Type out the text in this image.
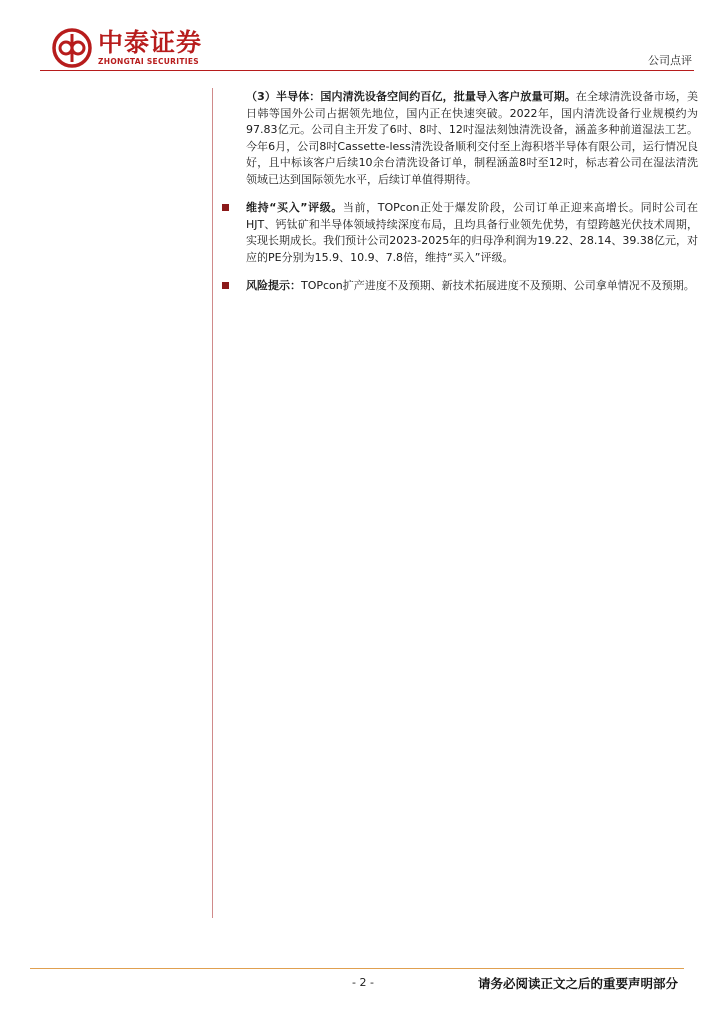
中泰证券
ZHONGTAI SECURITIES	公司点评

（3）半导体：国内清洗设备空间约百亿，批量导入客户放量可期。在全球清洗设备市场，美日韩等国外公司占据领先地位，国内正在快速突破。2022年，国内清洗设备行业规模约为97.83亿元。公司自主开发了6吋、8吋、12吋湿法刻蚀清洗设备，涵盖多种前道湿法工艺。今年6月，公司8吋Cassette-less清洗设备顺利交付至上海积塔半导体有限公司，运行情况良好，且中标该客户后续10余台清洗设备订单，制程涵盖8吋至12吋，标志着公司在湿法清洗领域已达到国际领先水平，后续订单值得期待。

维持“买入”评级。当前，TOPcon正处于爆发阶段，公司订单正迎来高增长。同时公司在HJT、钙钛矿和半导体领域持续深度布局，且均具备行业领先优势，有望跨越光伏技术周期，实现长期成长。我们预计公司2023-2025年的归母净利润为19.22、28.14、39.38亿元，对应的PE分别为15.9、10.9、7.8倍，维持“买入”评级。

风险提示：TOPcon扩产进度不及预期、新技术拓展进度不及预期、公司拿单情况不及预期。

- 2 -	请务必阅读正文之后的重要声明部分
